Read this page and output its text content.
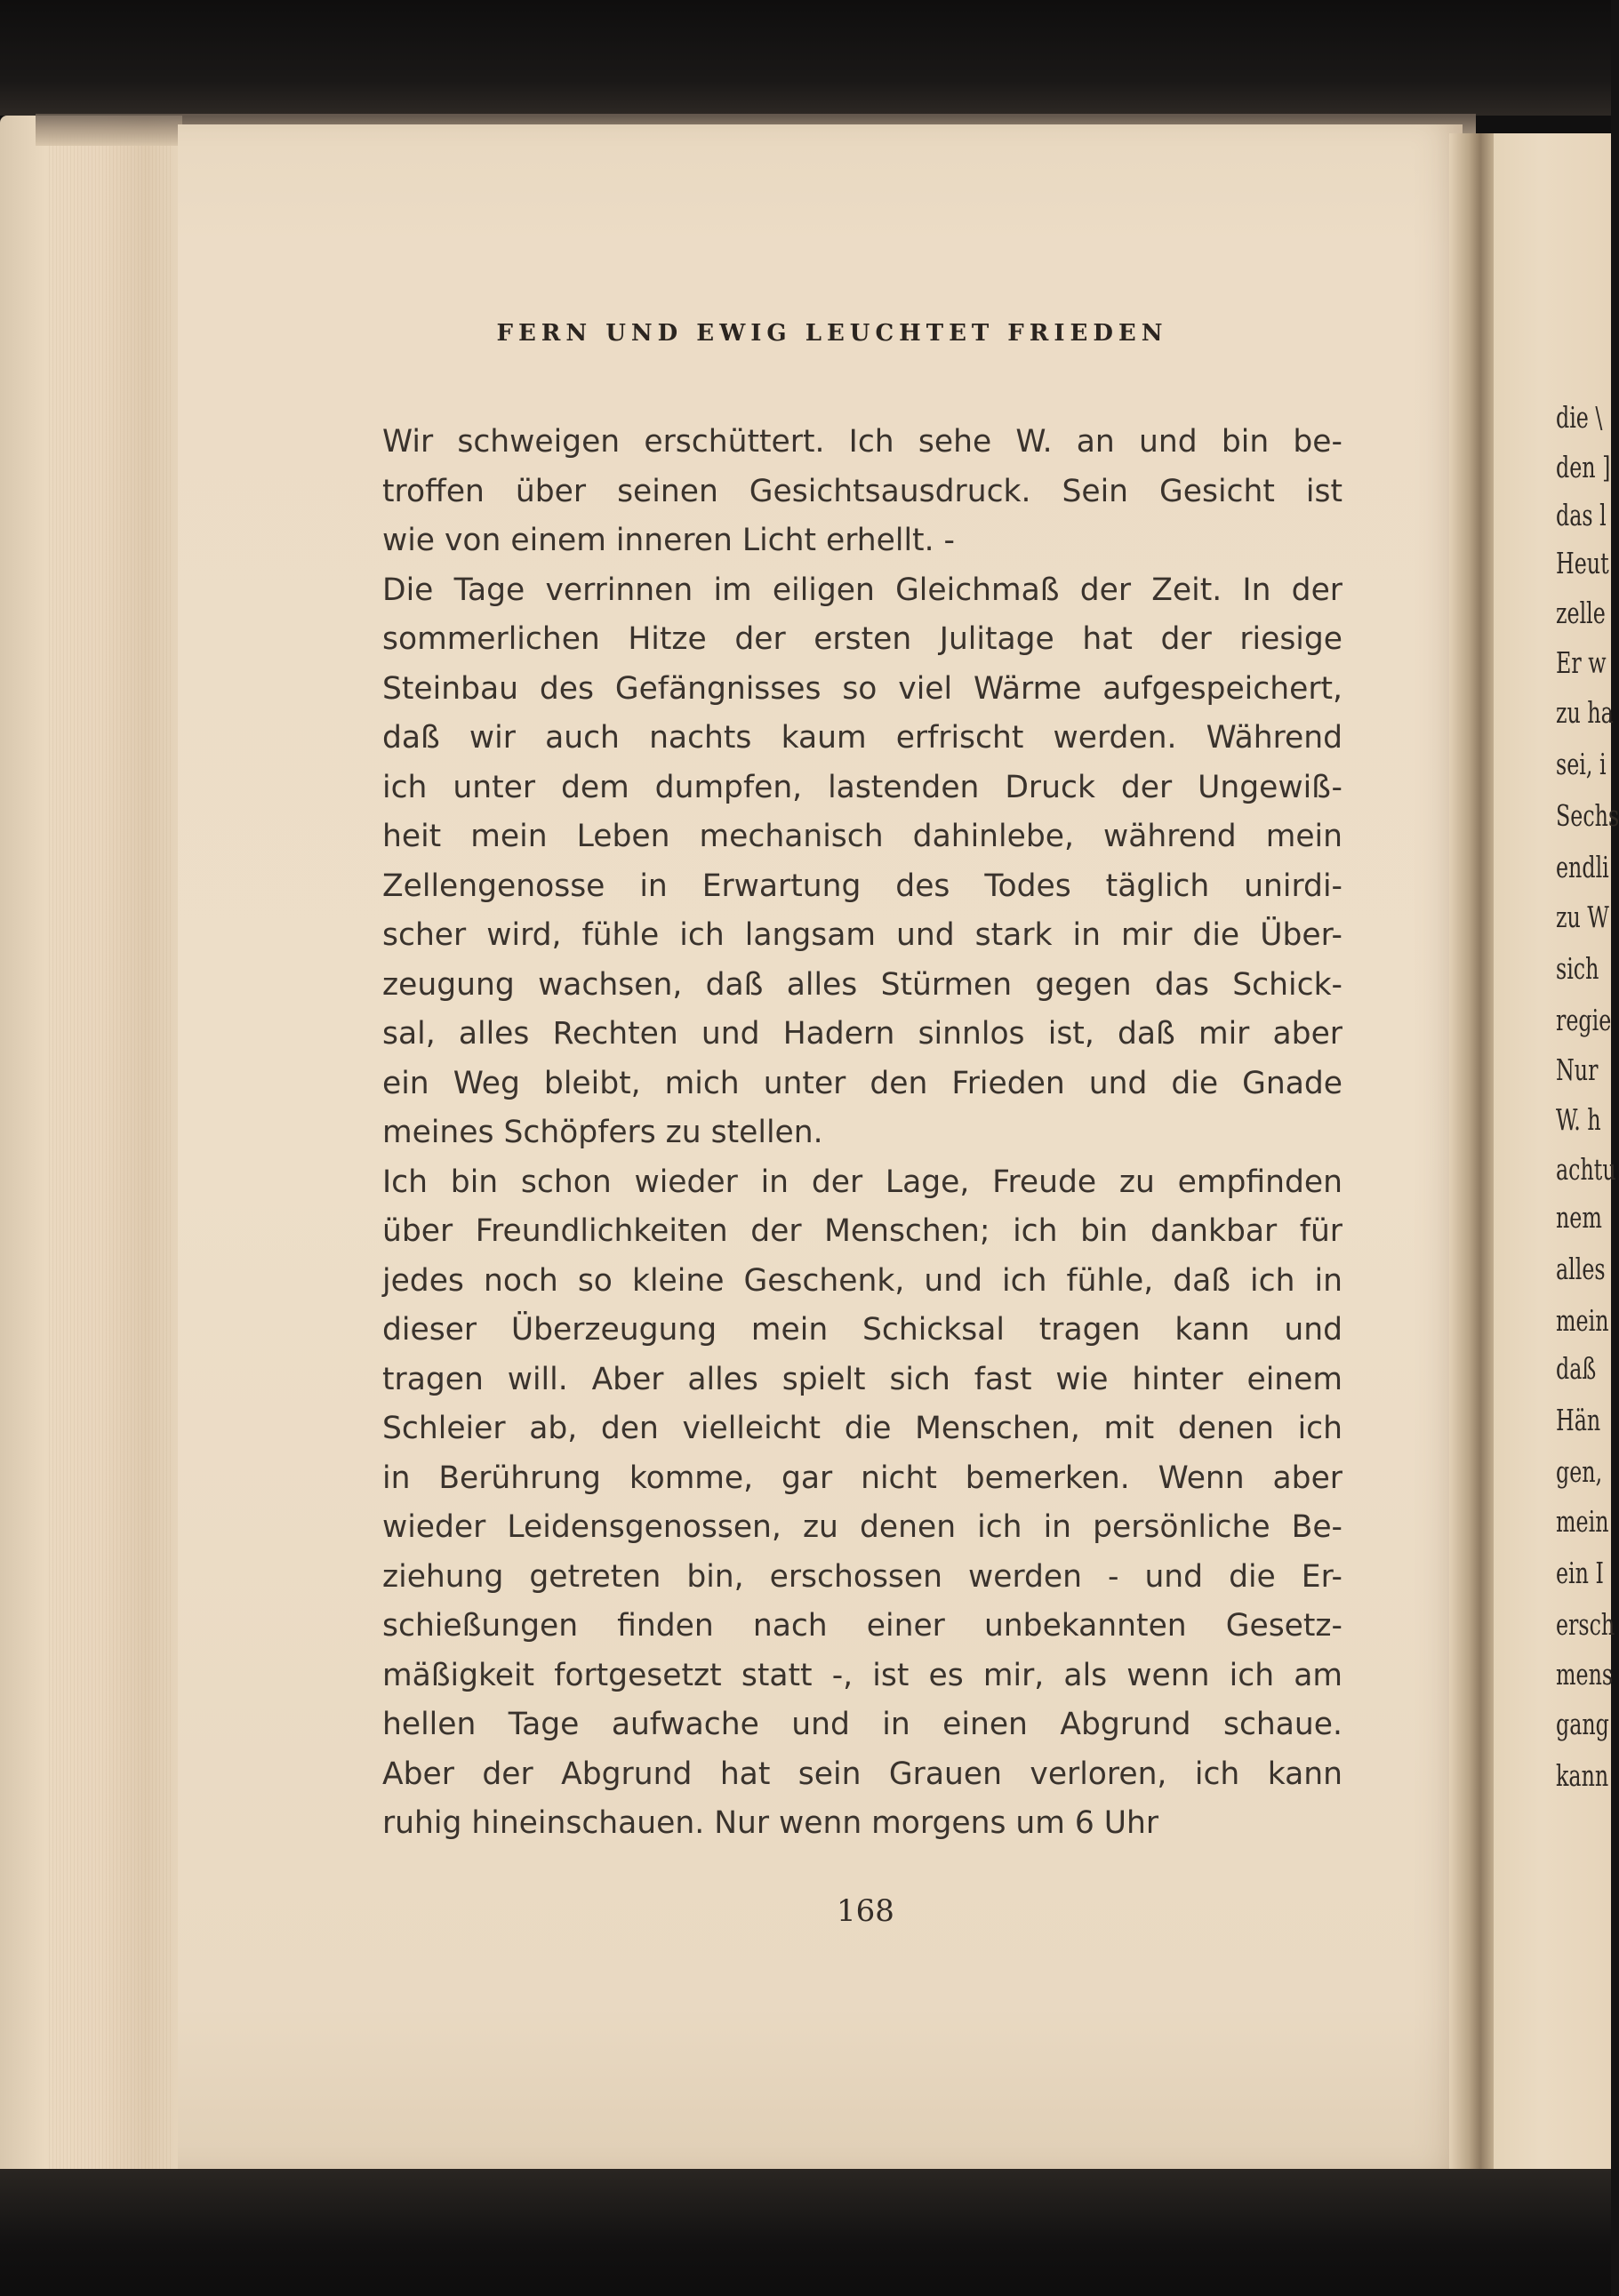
die \
den ]
das l
Heut
zelle
Er w
zu ha
sei, i
Sechs
endli
zu W
sich
regie
Nur
W. h
achtu
nem
alles
mein
daß
Hän
gen,
mein
ein I
ersch
mens
gang
kann
FERN UND EWIG LEUCHTET FRIEDEN
Wir schweigen erschüttert. Ich sehe W. an und bin be-
troffen über seinen Gesichtsausdruck. Sein Gesicht ist
wie von einem inneren Licht erhellt. -
Die Tage verrinnen im eiligen Gleichmaß der Zeit. In der
sommerlichen Hitze der ersten Julitage hat der riesige
Steinbau des Gefängnisses so viel Wärme aufgespeichert,
daß wir auch nachts kaum erfrischt werden. Während
ich unter dem dumpfen, lastenden Druck der Ungewiß-
heit mein Leben mechanisch dahinlebe, während mein
Zellengenosse in Erwartung des Todes täglich unirdi-
scher wird, fühle ich langsam und stark in mir die Über-
zeugung wachsen, daß alles Stürmen gegen das Schick-
sal, alles Rechten und Hadern sinnlos ist, daß mir aber
ein Weg bleibt, mich unter den Frieden und die Gnade
meines Schöpfers zu stellen.
Ich bin schon wieder in der Lage, Freude zu empfinden
über Freundlichkeiten der Menschen; ich bin dankbar für
jedes noch so kleine Geschenk, und ich fühle, daß ich in
dieser Überzeugung mein Schicksal tragen kann und
tragen will. Aber alles spielt sich fast wie hinter einem
Schleier ab, den vielleicht die Menschen, mit denen ich
in Berührung komme, gar nicht bemerken. Wenn aber
wieder Leidensgenossen, zu denen ich in persönliche Be-
ziehung getreten bin, erschossen werden - und die Er-
schießungen finden nach einer unbekannten Gesetz-
mäßigkeit fortgesetzt statt -, ist es mir, als wenn ich am
hellen Tage aufwache und in einen Abgrund schaue.
Aber der Abgrund hat sein Grauen verloren, ich kann
ruhig hineinschauen. Nur wenn morgens um 6 Uhr
168
